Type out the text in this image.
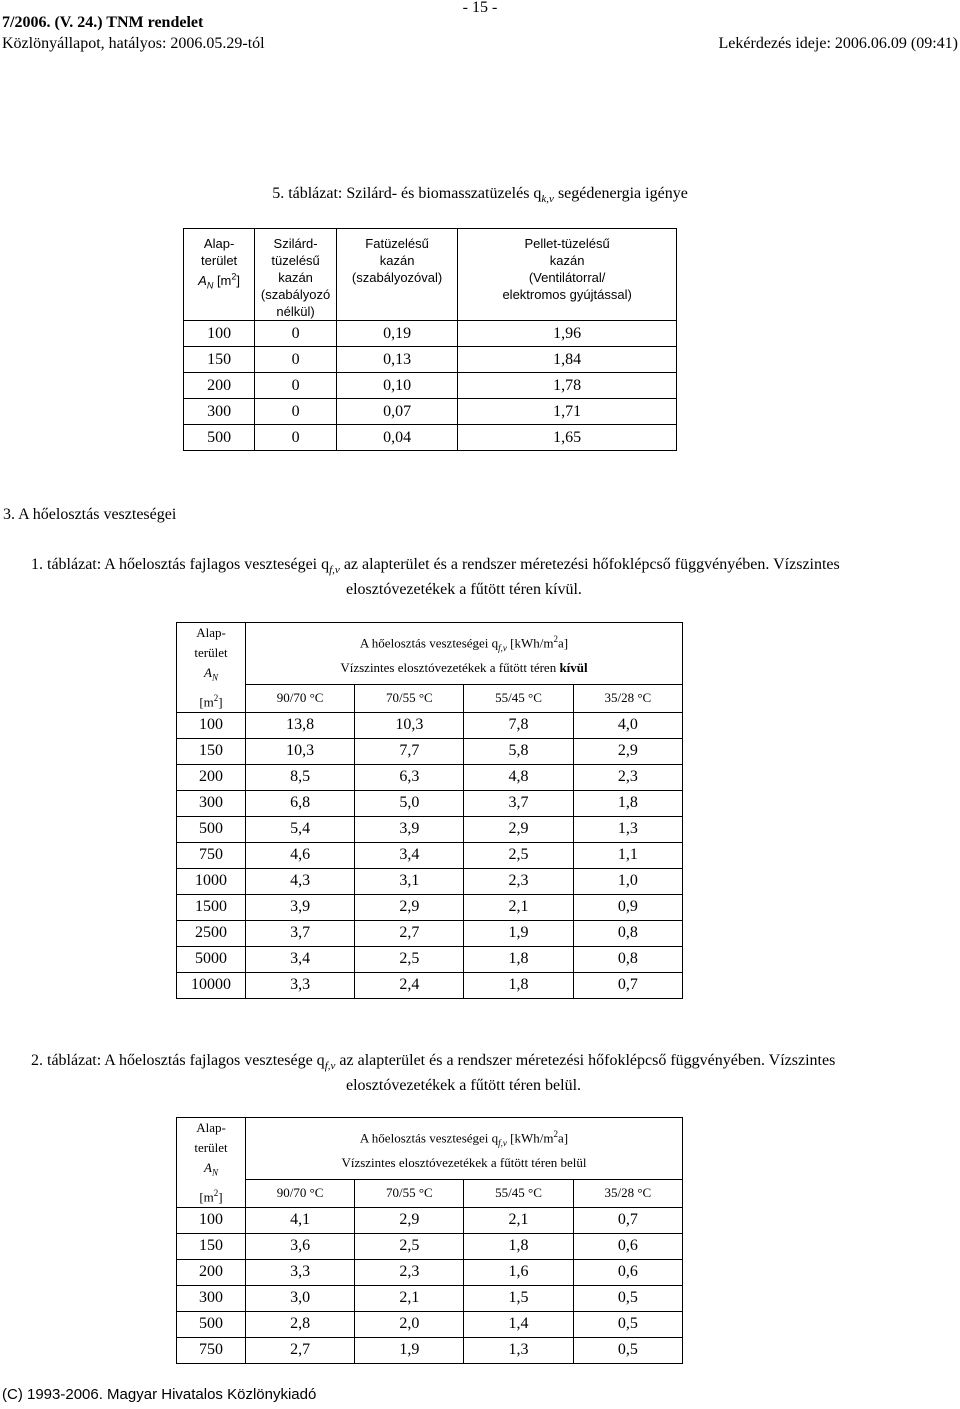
- 15 -
7/2006. (V. 24.) TNM rendelet
Közlönyállapot, hatályos: 2006.05.29-tól	Lekérdezés ideje: 2006.06.09 (09:41)
5. táblázat: Szilárd- és biomasszatüzelés $q_{k,v}$ segédenergia igénye
Alap-
terület
$A_N$ $[m^2]$	Szilárd-
tüzelésű
kazán
(szabályozó
nélkül)	Fatüzelésű
kazán
(szabályozóval)	Pellet-tüzelésű
kazán
(Ventilátorral/
elektromos gyújtással)
100	0	0,19	1,96
150	0	0,13	1,84
200	0	0,10	1,78
300	0	0,07	1,71
500	0	0,04	1,65
3. A hőelosztás veszteségei
1. táblázat: A hőelosztás fajlagos veszteségei $q_{f,v}$ az alapterület és a rendszer méretezési hőfoklépcső függvényében. Vízszintes
elosztóvezetékek a fűtött téren kívül.
Alap-
terület
$A_N$
$[m^2]$	A hőelosztás veszteségei $q_{f,v}$ $[kWh/m^2a]$
Vízszintes elosztóvezetékek a fűtött téren kívül			
	90/70 °C	70/55 °C	55/45 °C	35/28 °C
100	13,8	10,3	7,8	4,0
150	10,3	7,7	5,8	2,9
200	8,5	6,3	4,8	2,3
300	6,8	5,0	3,7	1,8
500	5,4	3,9	2,9	1,3
750	4,6	3,4	2,5	1,1
1000	4,3	3,1	2,3	1,0
1500	3,9	2,9	2,1	0,9
2500	3,7	2,7	1,9	0,8
5000	3,4	2,5	1,8	0,8
10000	3,3	2,4	1,8	0,7
2. táblázat: A hőelosztás fajlagos vesztesége $q_{f,v}$ az alapterület és a rendszer méretezési hőfoklépcső függvényében. Vízszintes
elosztóvezetékek a fűtött téren belül.
Alap-
terület
$A_N$
$[m^2]$	A hőelosztás veszteségei $q_{f,v}$ $[kWh/m^2a]$
Vízszintes elosztóvezetékek a fűtött téren belül			
	90/70 °C	70/55 °C	55/45 °C	35/28 °C
100	4,1	2,9	2,1	0,7
150	3,6	2,5	1,8	0,6
200	3,3	2,3	1,6	0,6
300	3,0	2,1	1,5	0,5
500	2,8	2,0	1,4	0,5
750	2,7	1,9	1,3	0,5
(C) 1993-2006. Magyar Hivatalos Közlönykiadó
